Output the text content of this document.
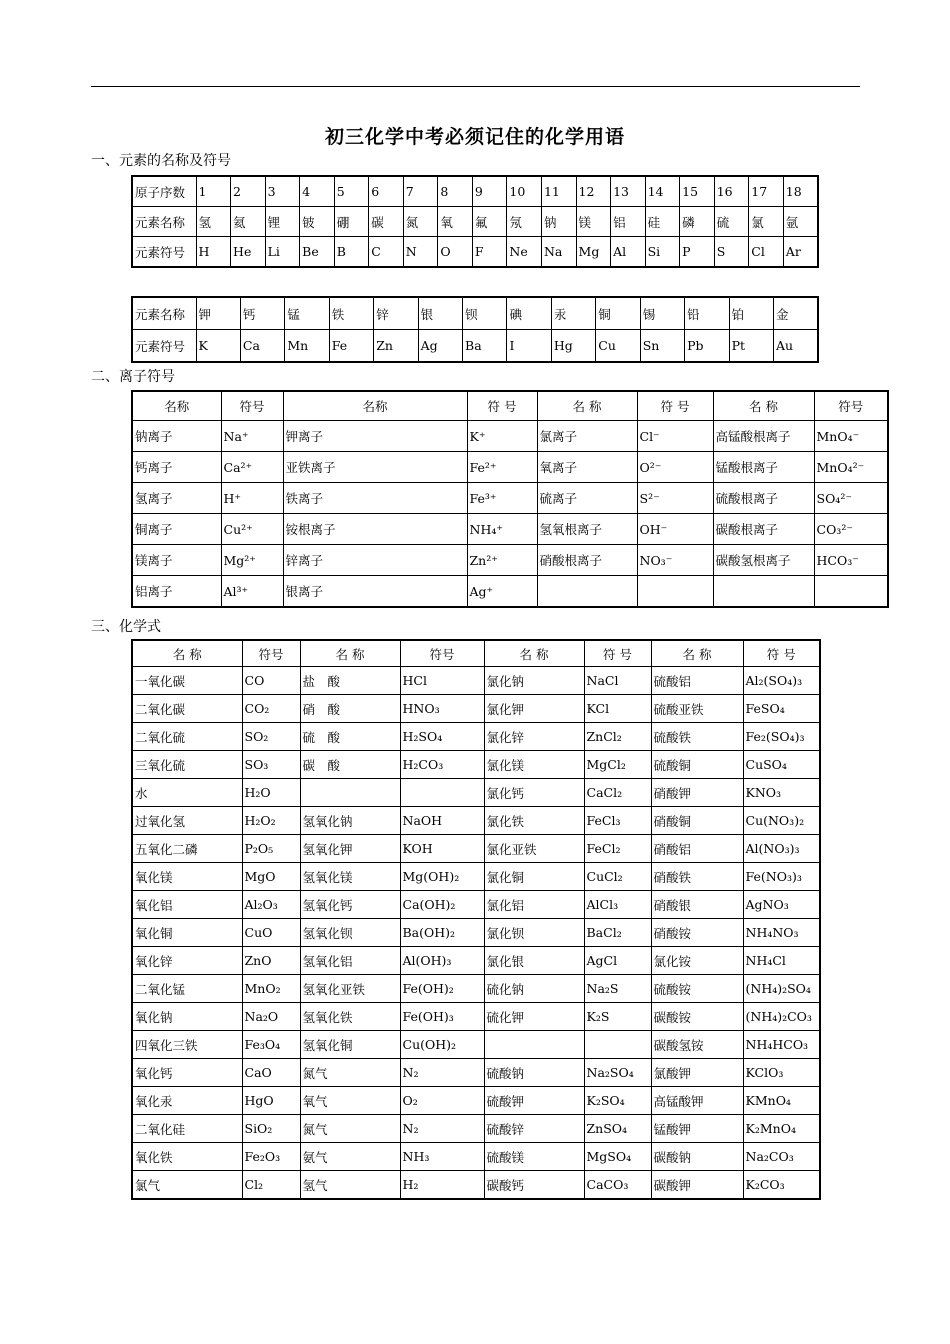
初三化学中考必须记住的化学用语
一、元素的名称及符号
原子序数	1	2	3	4	5	6	7	8	9	10	11	12	13	14	15	16	17	18
元素名称	氢	氦	锂	铍	硼	碳	氮	氧	氟	氖	钠	镁	铝	硅	磷	硫	氯	氩
元素符号	H	He	Li	Be	B	C	N	O	F	Ne	Na	Mg	Al	Si	P	S	Cl	Ar
元素名称	钾	钙	锰	铁	锌	银	钡	碘	汞	铜	锡	铅	铂	金
元素符号	K	Ca	Mn	Fe	Zn	Ag	Ba	I	Hg	Cu	Sn	Pb	Pt	Au
二、离子符号
名称	符号	名称	符 号	名 称	符 号	名 称	符号
钠离子	Na⁺	钾离子	K⁺	氯离子	Cl⁻	高锰酸根离子	MnO₄⁻
钙离子	Ca²⁺	亚铁离子	Fe²⁺	氧离子	O²⁻	锰酸根离子	MnO₄²⁻
氢离子	H⁺	铁离子	Fe³⁺	硫离子	S²⁻	硫酸根离子	SO₄²⁻
铜离子	Cu²⁺	铵根离子	NH₄⁺	氢氧根离子	OH⁻	碳酸根离子	CO₃²⁻
镁离子	Mg²⁺	锌离子	Zn²⁺	硝酸根离子	NO₃⁻	碳酸氢根离子	HCO₃⁻
铝离子	Al³⁺	银离子	Ag⁺				
三、化学式
名 称	符号	名 称	符号	名 称	符 号	名 称	符 号
一氧化碳	CO	盐　酸	HCl	氯化钠	NaCl	硫酸铝	Al₂(SO₄)₃
二氧化碳	CO₂	硝　酸	HNO₃	氯化钾	KCl	硫酸亚铁	FeSO₄
二氧化硫	SO₂	硫　酸	H₂SO₄	氯化锌	ZnCl₂	硫酸铁	Fe₂(SO₄)₃
三氧化硫	SO₃	碳　酸	H₂CO₃	氯化镁	MgCl₂	硫酸铜	CuSO₄
水	H₂O			氯化钙	CaCl₂	硝酸钾	KNO₃
过氧化氢	H₂O₂	氢氧化钠	NaOH	氯化铁	FeCl₃	硝酸铜	Cu(NO₃)₂
五氧化二磷	P₂O₅	氢氧化钾	KOH	氯化亚铁	FeCl₂	硝酸铝	Al(NO₃)₃
氧化镁	MgO	氢氧化镁	Mg(OH)₂	氯化铜	CuCl₂	硝酸铁	Fe(NO₃)₃
氧化铝	Al₂O₃	氢氧化钙	Ca(OH)₂	氯化铝	AlCl₃	硝酸银	AgNO₃
氧化铜	CuO	氢氧化钡	Ba(OH)₂	氯化钡	BaCl₂	硝酸铵	NH₄NO₃
氧化锌	ZnO	氢氧化铝	Al(OH)₃	氯化银	AgCl	氯化铵	NH₄Cl
二氧化锰	MnO₂	氢氧化亚铁	Fe(OH)₂	硫化钠	Na₂S	硫酸铵	(NH₄)₂SO₄
氧化钠	Na₂O	氢氧化铁	Fe(OH)₃	硫化钾	K₂S	碳酸铵	(NH₄)₂CO₃
四氧化三铁	Fe₃O₄	氢氧化铜	Cu(OH)₂			碳酸氢铵	NH₄HCO₃
氧化钙	CaO	氮气	N₂	硫酸钠	Na₂SO₄	氯酸钾	KClO₃
氧化汞	HgO	氧气	O₂	硫酸钾	K₂SO₄	高锰酸钾	KMnO₄
二氧化硅	SiO₂	氮气	N₂	硫酸锌	ZnSO₄	锰酸钾	K₂MnO₄
氧化铁	Fe₂O₃	氨气	NH₃	硫酸镁	MgSO₄	碳酸钠	Na₂CO₃
氯气	Cl₂	氢气	H₂	碳酸钙	CaCO₃	碳酸钾	K₂CO₃
